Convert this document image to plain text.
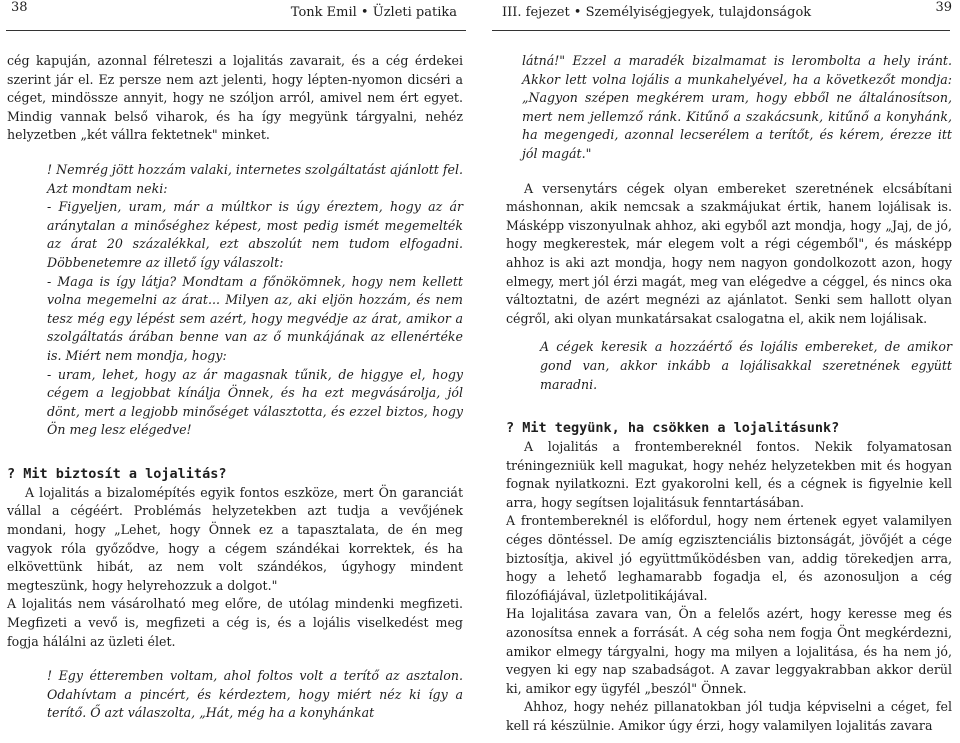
38	Tonk Emil • Üzleti patika

cég kapuján, azonnal félreteszi a lojalitás zavarait, és a cég érdekei szerint jár el. Ez persze nem azt jelenti, hogy lépten-nyomon dicséri a céget, mindössze annyit, hogy ne szóljon arról, amivel nem ért egyet. Mindig vannak belső viharok, és ha így megyünk tárgyalni, nehéz helyzetben „két vállra fektetnek" minket.

! Nemrég jött hozzám valaki, internetes szolgáltatást ajánlott fel. Azt mondtam neki:

- Figyeljen, uram, már a múltkor is úgy éreztem, hogy az ár aránytalan a minőséghez képest, most pedig ismét megemelték az árat 20 százalékkal, ezt abszolút nem tudom elfogadni. Döbbenetemre az illető így válaszolt:

- Maga is így látja? Mondtam a főnökömnek, hogy nem kellett volna megemelni az árat... Milyen az, aki eljön hozzám, és nem tesz még egy lépést sem azért, hogy megvédje az árat, amikor a szolgáltatás árában benne van az ő munkájának az ellenértéke is. Miért nem mondja, hogy:

- uram, lehet, hogy az ár magasnak tűnik, de higgye el, hogy cégem a legjobbat kínálja Önnek, és ha ezt megvásárolja, jól dönt, mert a legjobb minőséget választotta, és ezzel biztos, hogy Ön meg lesz elégedve!

? Mit biztosít a lojalitás?

A lojalitás a bizalomépítés egyik fontos eszköze, mert Ön garanciát vállal a cégéért. Problémás helyzetekben azt tudja a vevőjének mondani, hogy „Lehet, hogy Önnek ez a tapasztalata, de én meg vagyok róla győződve, hogy a cégem szándékai korrektek, és ha elkövettünk hibát, az nem volt szándékos, úgyhogy mindent megteszünk, hogy helyrehozzuk a dolgot."

A lojalitás nem vásárolható meg előre, de utólag mindenki megfizeti. Megfizeti a vevő is, megfizeti a cég is, és a lojális viselkedést meg fogja hálálni az üzleti élet.

! Egy étteremben voltam, ahol foltos volt a terítő az asztalon. Odahívtam a pincért, és kérdeztem, hogy miért néz ki így a terítő. Ő azt válaszolta, „Hát, még ha a konyhánkat

III. fejezet • Személyiségjegyek, tulajdonságok	39

látná!" Ezzel a maradék bizalmamat is lerombolta a hely iránt. Akkor lett volna lojális a munkahelyével, ha a következőt mondja: „Nagyon szépen megkérem uram, hogy ebből ne általánosítson, mert nem jellemző ránk. Kitűnő a szakácsunk, kitűnő a konyhánk, ha megengedi, azonnal lecserélem a terítőt, és kérem, érezze itt jól magát."

A versenytárs cégek olyan embereket szeretnének elcsábítani máshonnan, akik nemcsak a szakmájukat értik, hanem lojálisak is. Másképp viszonyulnak ahhoz, aki egyből azt mondja, hogy „Jaj, de jó, hogy megkerestek, már elegem volt a régi cégemből", és másképp ahhoz is aki azt mondja, hogy nem nagyon gondolkozott azon, hogy elmegy, mert jól érzi magát, meg van elégedve a céggel, és nincs oka változtatni, de azért megnézi az ajánlatot. Senki sem hallott olyan cégről, aki olyan munkatársakat csalogatna el, akik nem lojálisak.

A cégek keresik a hozzáértő és lojális embereket, de amikor gond van, akkor inkább a lojálisakkal szeretnének együtt maradni.

? Mit tegyünk, ha csökken a lojalitásunk?

A lojalitás a frontembereknél fontos. Nekik folyamatosan tréningezniük kell magukat, hogy nehéz helyzetekben mit és hogyan fognak nyilatkozni. Ezt gyakorolni kell, és a cégnek is figyelnie kell arra, hogy segítsen lojalitásuk fenntartásában.

A frontembereknél is előfordul, hogy nem értenek egyet valamilyen céges döntéssel. De amíg egzisztenciális biztonságát, jövőjét a cége biztosítja, akivel jó együttműködésben van, addig törekedjen arra, hogy a lehető leghamarabb fogadja el, és azonosuljon a cég filozófiájával, üzletpolitikájával.

Ha lojalitása zavara van, Ön a felelős azért, hogy keresse meg és azonosítsa ennek a forrását. A cég soha nem fogja Önt megkérdezni, amikor elmegy tárgyalni, hogy ma milyen a lojalitása, és ha nem jó, vegyen ki egy nap szabadságot. A zavar leggyakrabban akkor derül ki, amikor egy ügyfél „beszól" Önnek.

Ahhoz, hogy nehéz pillanatokban jól tudja képviselni a céget, fel kell rá készülnie. Amikor úgy érzi, hogy valamilyen lojalitás zavara
